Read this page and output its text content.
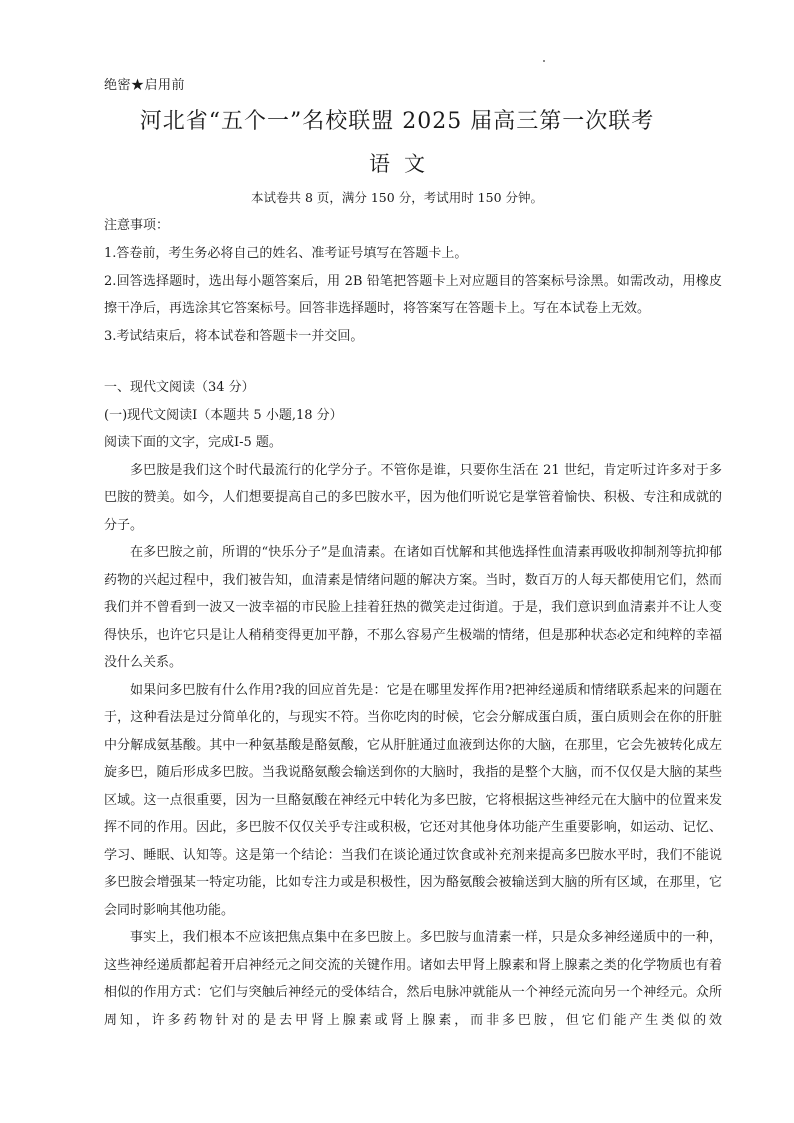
绝密★启用前
河北省“五个一”名校联盟 2025 届高三第一次联考
语文
本试卷共 8 页，满分 150 分，考试用时 150 分钟。
注意事项：

1.答卷前，考生务必将自己的姓名、准考证号填写在答题卡上。

2.回答选择题时，选出每小题答案后，用 2B 铅笔把答题卡上对应题目的答案标号涂黑。如需改动，用橡皮擦干净后，再选涂其它答案标号。回答非选择题时，将答案写在答题卡上。写在本试卷上无效。

3.考试结束后，将本试卷和答题卡一并交回。

一、现代文阅读（34 分）

(一)现代文阅读Ⅰ（本题共 5 小题,18 分）

阅读下面的文字，完成Ⅰ-5 题。

多巴胺是我们这个时代最流行的化学分子。不管你是谁，只要你生活在 21 世纪，肯定听过许多对于多巴胺的赞美。如今，人们想要提高自己的多巴胺水平，因为他们听说它是掌管着愉快、积极、专注和成就的分子。

在多巴胺之前，所谓的“快乐分子”是血清素。在诸如百忧解和其他选择性血清素再吸收抑制剂等抗抑郁药物的兴起过程中，我们被告知，血清素是情绪问题的解决方案。当时，数百万的人每天都使用它们，然而我们并不曾看到一波又一波幸福的市民脸上挂着狂热的微笑走过街道。于是，我们意识到血清素并不让人变得快乐，也许它只是让人稍稍变得更加平静，不那么容易产生极端的情绪，但是那种状态必定和纯粹的幸福没什么关系。

如果问多巴胺有什么作用?我的回应首先是：它是在哪里发挥作用?把神经递质和情绪联系起来的问题在于，这种看法是过分简单化的，与现实不符。当你吃肉的时候，它会分解成蛋白质，蛋白质则会在你的肝脏中分解成氨基酸。其中一种氨基酸是酪氨酸，它从肝脏通过血液到达你的大脑，在那里，它会先被转化成左旋多巴，随后形成多巴胺。当我说酪氨酸会输送到你的大脑时，我指的是整个大脑，而不仅仅是大脑的某些区域。这一点很重要，因为一旦酪氨酸在神经元中转化为多巴胺，它将根据这些神经元在大脑中的位置来发挥不同的作用。因此，多巴胺不仅仅关乎专注或积极，它还对其他身体功能产生重要影响，如运动、记忆、学习、睡眠、认知等。这是第一个结论：当我们在谈论通过饮食或补充剂来提高多巴胺水平时，我们不能说多巴胺会增强某一特定功能，比如专注力或是积极性，因为酪氨酸会被输送到大脑的所有区域，在那里，它会同时影响其他功能。

事实上，我们根本不应该把焦点集中在多巴胺上。多巴胺与血清素一样，只是众多神经递质中的一种，这些神经递质都起着开启神经元之间交流的关键作用。诸如去甲肾上腺素和肾上腺素之类的化学物质也有着相似的作用方式：它们与突触后神经元的受体结合，然后电脉冲就能从一个神经元流向另一个神经元。众所周知，许多药物针对的是去甲肾上腺素或肾上腺素，而非多巴胺，但它们能产生类似的效
